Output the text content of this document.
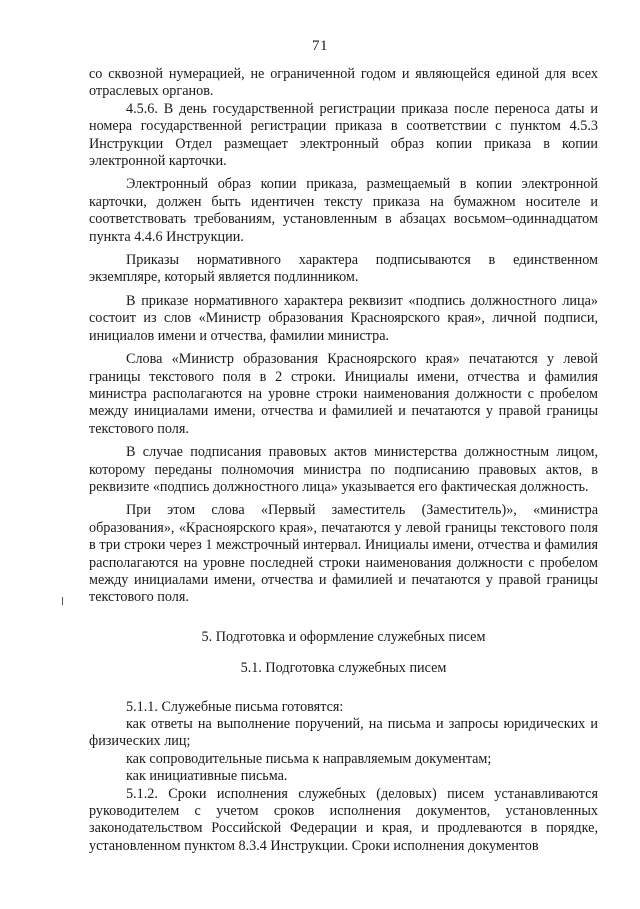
71

со сквозной нумерацией, не ограниченной годом и являющейся единой для всех отраслевых органов.

4.5.6. В день государственной регистрации приказа после переноса даты и номера государственной регистрации приказа в соответствии с пунктом 4.5.3 Инструкции Отдел размещает электронный образ копии приказа в копии электронной карточки.

Электронный образ копии приказа, размещаемый в копии электронной карточки, должен быть идентичен тексту приказа на бумажном носителе и соответствовать требованиям, установленным в абзацах восьмом–одиннадцатом пункта 4.4.6 Инструкции.

Приказы нормативного характера подписываются в единственном экземпляре, который является подлинником.

В приказе нормативного характера реквизит «подпись должностного лица» состоит из слов «Министр образования Красноярского края», личной подписи, инициалов имени и отчества, фамилии министра.

Слова «Министр образования Красноярского края» печатаются у левой границы текстового поля в 2 строки. Инициалы имени, отчества и фамилия министра располагаются на уровне строки наименования должности с пробелом между инициалами имени, отчества и фамилией и печатаются у правой границы текстового поля.

В случае подписания правовых актов министерства должностным лицом, которому переданы полномочия министра по подписанию правовых актов, в реквизите «подпись должностного лица» указывается его фактическая должность.

При этом слова «Первый заместитель (Заместитель)», «министра образования», «Красноярского края», печатаются у левой границы текстового поля в три строки через 1 межстрочный интервал. Инициалы имени, отчества и фамилия располагаются на уровне последней строки наименования должности с пробелом между инициалами имени, отчества и фамилией и печатаются у правой границы текстового поля.

5. Подготовка и оформление служебных писем

5.1. Подготовка служебных писем

5.1.1. Служебные письма готовятся:

как ответы на выполнение поручений, на письма и запросы юридических и физических лиц;

как сопроводительные письма к направляемым документам;

как инициативные письма.

5.1.2. Сроки исполнения служебных (деловых) писем устанавливаются руководителем с учетом сроков исполнения документов, установленных законодательством Российской Федерации и края, и продлеваются в порядке, установленном пунктом 8.3.4 Инструкции. Сроки исполнения документов
